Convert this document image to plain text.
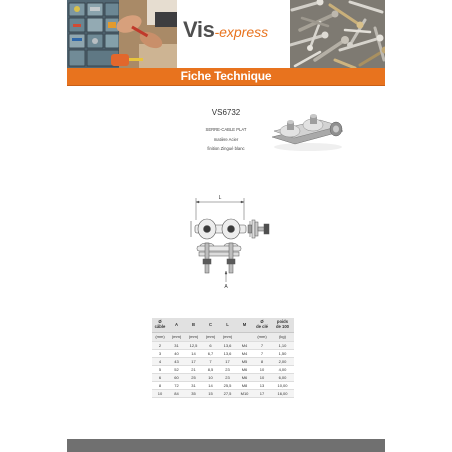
Vis -express
Fiche Technique
VS6732
SERRE-CABLE PLAT
matière Acier
finition Zingué blanc
L
A
Ø
câble	A	B	C	L	M	Ø
de clé	poids
de 100
(mm)	(mm)	(mm)	(mm)	(mm)		(mm)	(kg)
2	31	12,5	6	13,6	M4	7	1,10
3	40	14	6,7	13,6	M4	7	1,50
4	43	17	7	17	M5	8	2,00
5	52	21	8,5	23	M6	10	4,00
6	60	25	10	23	M6	10	6,00
8	72	31	14	25,5	M8	13	10,00
10	84	35	15	27,5	M10	17	16,00
